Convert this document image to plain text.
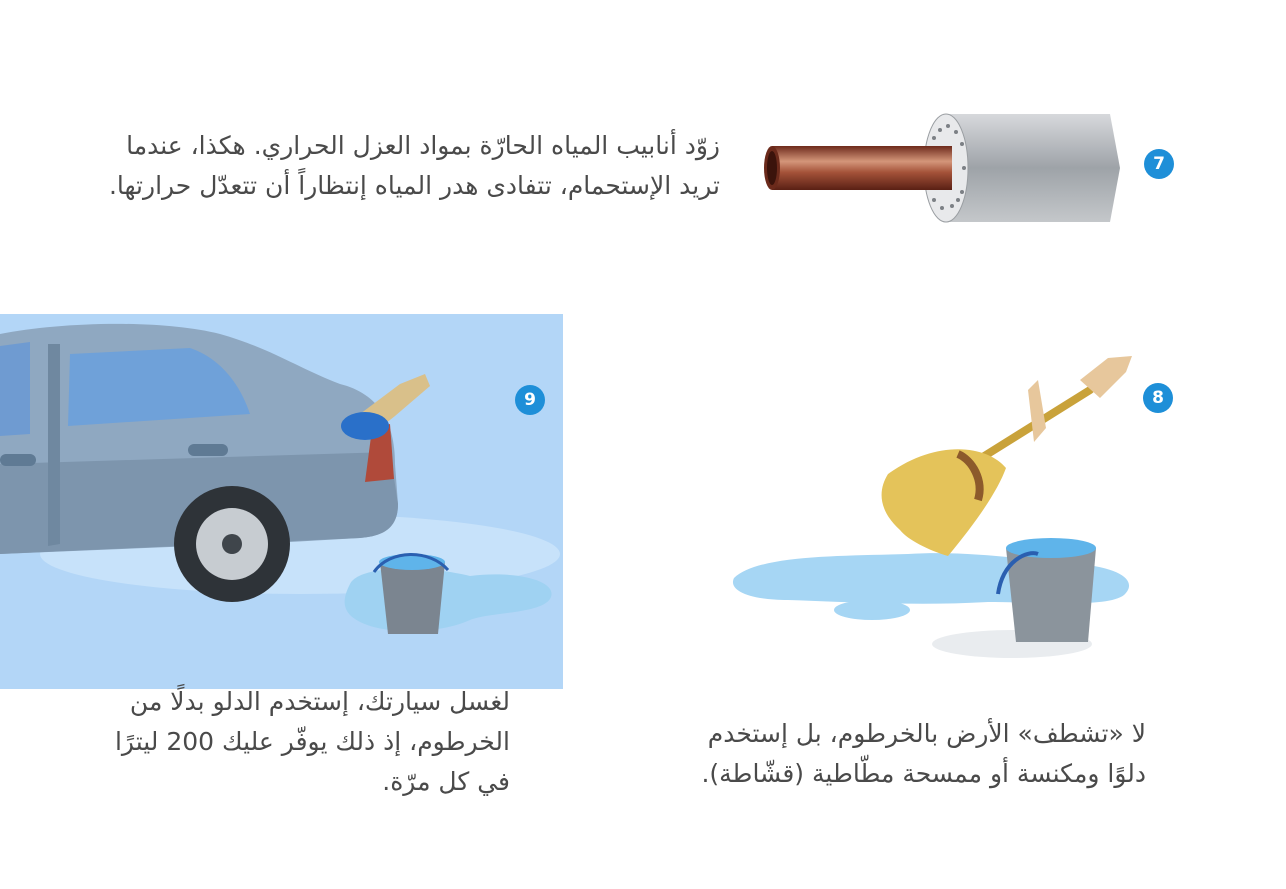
زوّد أنابيب المياه الحارّة بمواد العزل الحراري. هكذا، عندما تريد الإستحمام، تتفادى هدر المياه إنتظاراً أن تتعدّل حرارتها.
7
9
لغسل سيارتك، إستخدم الدلو بدلًا من الخرطوم، إذ ذلك يوفّر عليك 200 ليترًا في كل مرّة.
8
لا «تشطف» الأرض بالخرطوم، بل إستخدم دلوًا ومكنسة أو ممسحة مطّاطية (قشّاطة).
